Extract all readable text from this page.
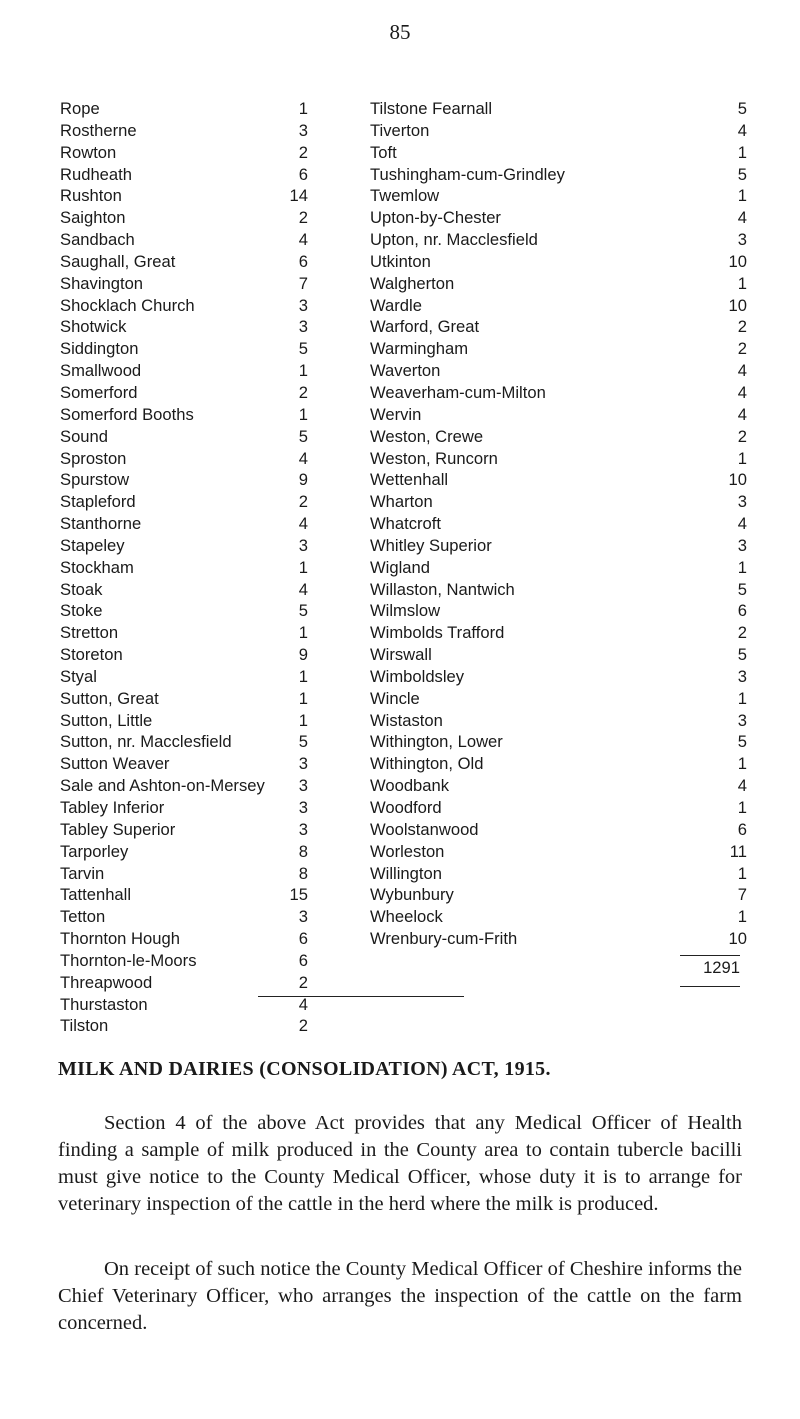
85
Rope	1
Rostherne	3
Rowton	2
Rudheath	6
Rushton	14
Saighton	2
Sandbach	4
Saughall, Great	6
Shavington	7
Shocklach Church	3
Shotwick	3
Siddington	5
Smallwood	1
Somerford	2
Somerford Booths	1
Sound	5
Sproston	4
Spurstow	9
Stapleford	2
Stanthorne	4
Stapeley	3
Stockham	1
Stoak	4
Stoke	5
Stretton	1
Storeton	9
Styal	1
Sutton, Great	1
Sutton, Little	1
Sutton, nr. Macclesfield	5
Sutton Weaver	3
Sale and Ashton-on-Mersey 3
Tabley Inferior	3
Tabley Superior	3
Tarporley	8
Tarvin	8
Tattenhall	15
Tetton	3
Thornton Hough	6
Thornton-le-Moors	6
Threapwood	2
Thurstaston	4
Tilston	2
Tilstone Fearnall	5
Tiverton	4
Toft	1
Tushingham-cum-Grindley	5
Twemlow	1
Upton-by-Chester	4
Upton, nr. Macclesfield	3
Utkinton	10
Walgherton	1
Wardle	10
Warford, Great	2
Warmingham	2
Waverton	4
Weaverham-cum-Milton	4
Wervin	4
Weston, Crewe	2
Weston, Runcorn	1
Wettenhall	10
Wharton	3
Whatcroft	4
Whitley Superior	3
Wigland	1
Willaston, Nantwich	5
Wilmslow	6
Wimbolds Trafford	2
Wirswall	5
Wimboldsley	3
Wincle	1
Wistaston	3
Withington, Lower	5
Withington, Old	1
Woodbank	4
Woodford	1
Woolstanwood	6
Worleston	11
Willington	1
Wybunbury	7
Wheelock	1
Wrenbury-cum-Frith	10
1291
MILK AND DAIRIES (CONSOLIDATION) ACT, 1915.

Section 4 of the above Act provides that any Medical Officer of Health finding a sample of milk produced in the County area to contain tubercle bacilli must give notice to the County Medical Officer, whose duty it is to arrange for veterinary inspection of the cattle in the herd where the milk is produced.

On receipt of such notice the County Medical Officer of Cheshire informs the Chief Veterinary Officer, who arranges the inspection of the cattle on the farm concerned.
